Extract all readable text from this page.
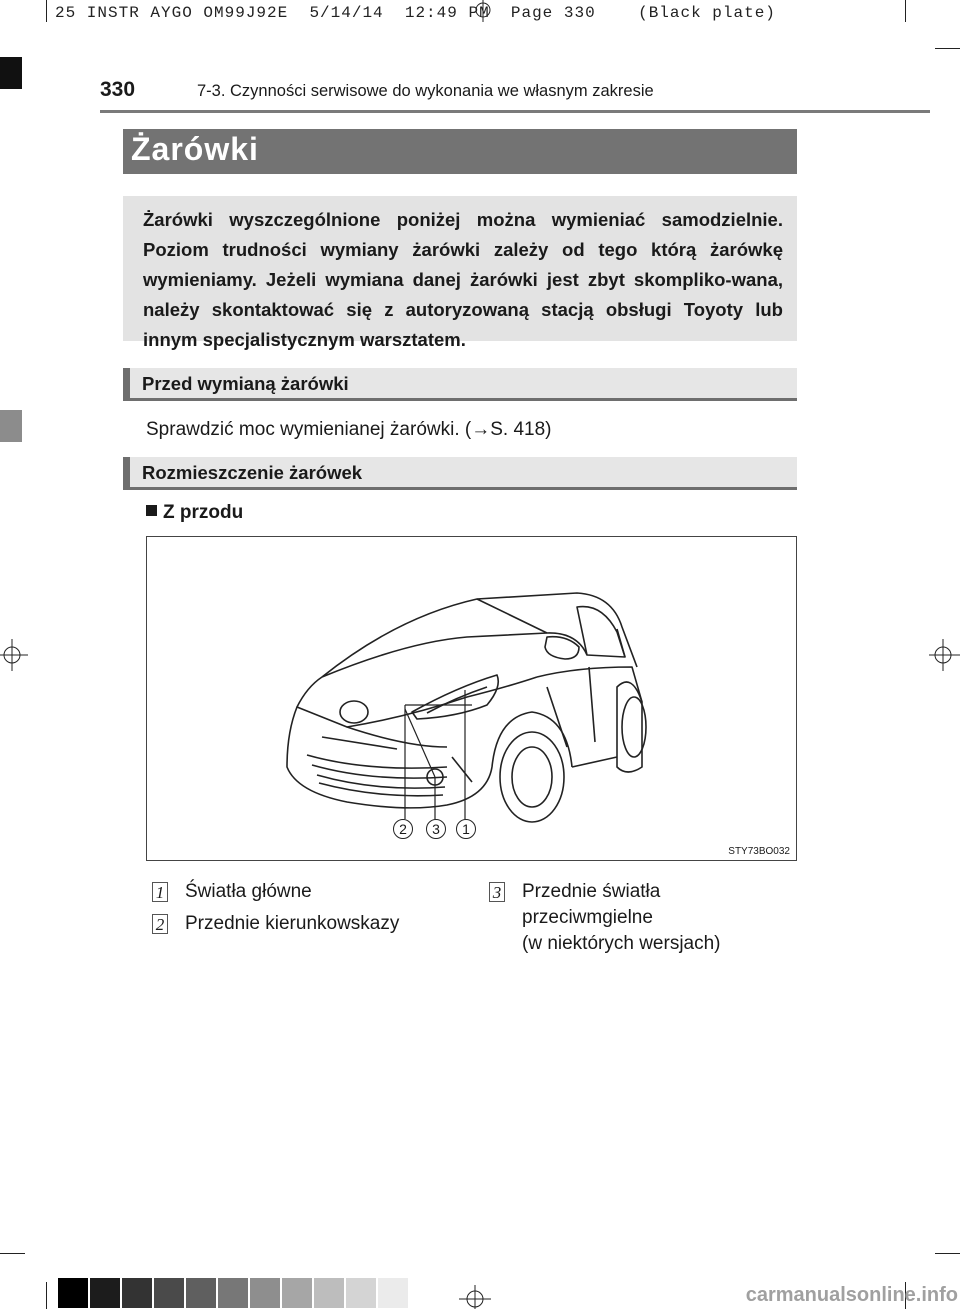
25 INSTR AYGO OM99J92E  5/14/14  12:49 PM  Page 330    (Black plate)
330	7-3. Czynności serwisowe do wykonania we własnym zakresie
Żarówki

Żarówki wyszczególnione poniżej można wymieniać samodzielnie. Poziom trudności wymiany żarówki zależy od tego którą żarówkę wymieniamy. Jeżeli wymiana danej żarówki jest zbyt skompliko-wana, należy skontaktować się z autoryzowaną stacją obsługi Toyoty lub innym specjalistycznym warsztatem.

Przed wymianą żarówki
Sprawdzić moc wymienianej żarówki. (→S. 418)
Rozmieszczenie żarówek
Z przodu
2	3	1
STY73BO032
1 Światła główne
2 Przednie kierunkowskazy
3 Przednie światła
przeciwmgielne
(w niektórych wersjach)
carmanualsonline.info
